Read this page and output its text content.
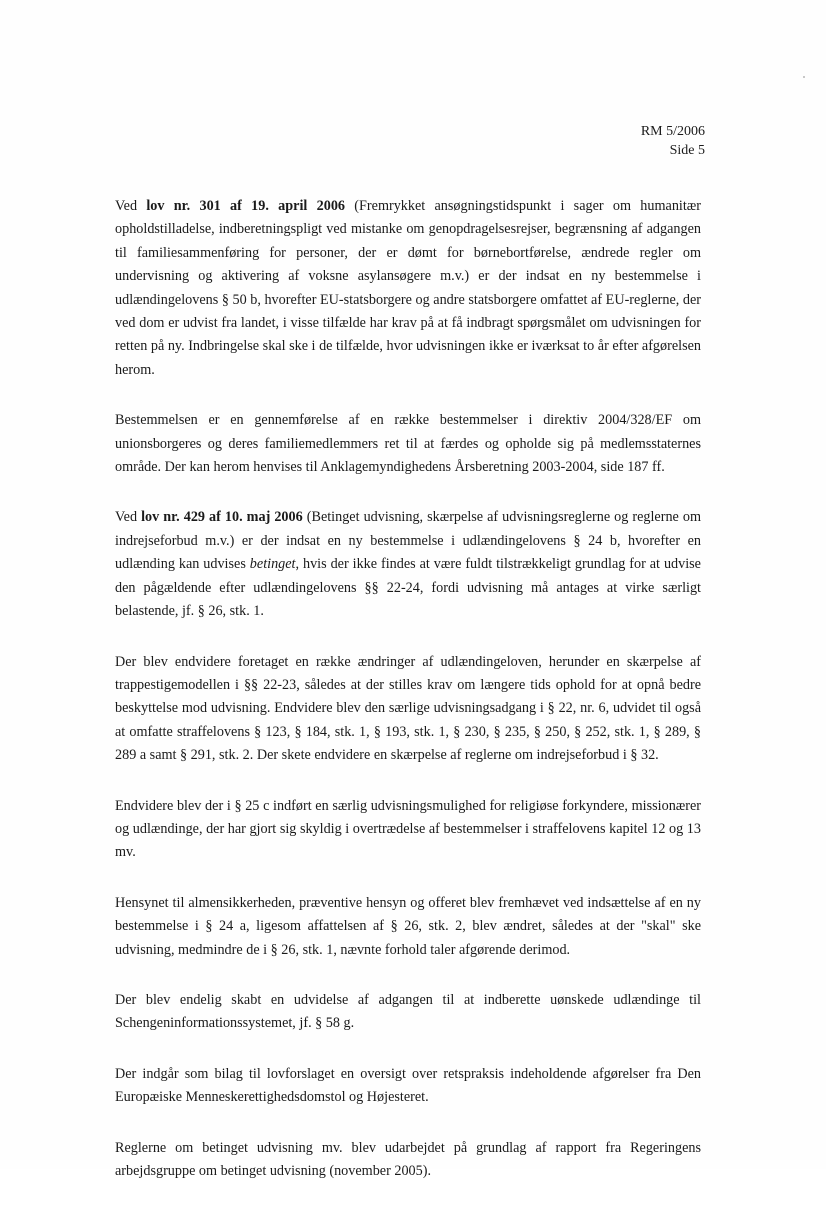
RM 5/2006
Side 5

Ved lov nr. 301 af 19. april 2006 (Fremrykket ansøgningstidspunkt i sager om humanitær opholdstilladelse, indberetningspligt ved mistanke om genopdragelsesrejser, begrænsning af adgangen til familiesammenføring for personer, der er dømt for børnebortførelse, ændrede regler om undervisning og aktivering af voksne asylansøgere m.v.) er der indsat en ny bestemmelse i udlændingelovens § 50 b, hvorefter EU-statsborgere og andre statsborgere omfattet af EU-reglerne, der ved dom er udvist fra landet, i visse tilfælde har krav på at få indbragt spørgsmålet om udvisningen for retten på ny. Indbringelse skal ske i de tilfælde, hvor udvisningen ikke er iværksat to år efter afgørelsen herom.

Bestemmelsen er en gennemførelse af en række bestemmelser i direktiv 2004/328/EF om unionsborgeres og deres familiemedlemmers ret til at færdes og opholde sig på medlemsstaternes område. Der kan herom henvises til Anklagemyndighedens Årsberetning 2003-2004, side 187 ff.

Ved lov nr. 429 af 10. maj 2006 (Betinget udvisning, skærpelse af udvisningsreglerne og reglerne om indrejseforbud m.v.) er der indsat en ny bestemmelse i udlændingelovens § 24 b, hvorefter en udlænding kan udvises betinget, hvis der ikke findes at være fuldt tilstrækkeligt grundlag for at udvise den pågældende efter udlændingelovens §§ 22-24, fordi udvisning må antages at virke særligt belastende, jf. § 26, stk. 1.

Der blev endvidere foretaget en række ændringer af udlændingeloven, herunder en skærpelse af trappestigemodellen i §§ 22-23, således at der stilles krav om længere tids ophold for at opnå bedre beskyttelse mod udvisning. Endvidere blev den særlige udvisningsadgang i § 22, nr. 6, udvidet til også at omfatte straffelovens § 123, § 184, stk. 1, § 193, stk. 1, § 230, § 235, § 250, § 252, stk. 1, § 289, § 289 a samt § 291, stk. 2. Der skete endvidere en skærpelse af reglerne om indrejseforbud i § 32.

Endvidere blev der i § 25 c indført en særlig udvisningsmulighed for religiøse forkyndere, missionærer og udlændinge, der har gjort sig skyldig i overtrædelse af bestemmelser i straffelovens kapitel 12 og 13 mv.

Hensynet til almensikkerheden, præventive hensyn og offeret blev fremhævet ved indsættelse af en ny bestemmelse i § 24 a, ligesom affattelsen af § 26, stk. 2, blev ændret, således at der "skal" ske udvisning, medmindre de i § 26, stk. 1, nævnte forhold taler afgørende derimod.

Der blev endelig skabt en udvidelse af adgangen til at indberette uønskede udlændinge til Schengeninformationssystemet, jf. § 58 g.

Der indgår som bilag til lovforslaget en oversigt over retspraksis indeholdende afgørelser fra Den Europæiske Menneskerettighedsdomstol og Højesteret.

Reglerne om betinget udvisning mv. blev udarbejdet på grundlag af rapport fra Regeringens arbejdsgruppe om betinget udvisning (november 2005).
